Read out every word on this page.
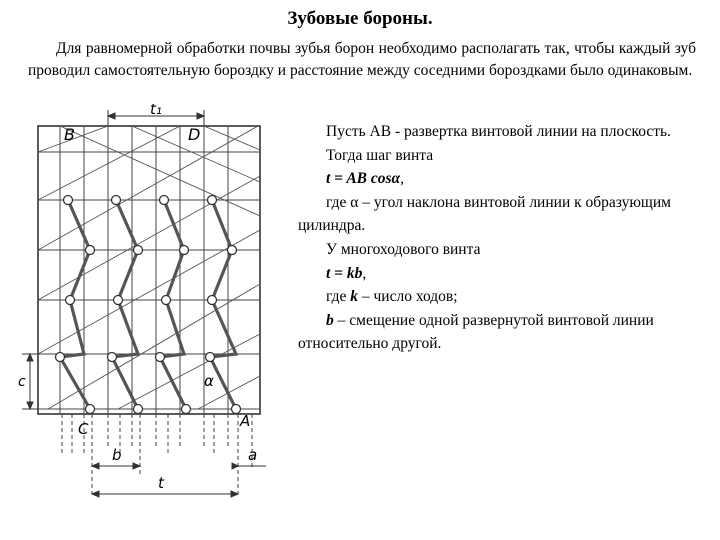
Зубовые бороны.
Для равномерной обработки почвы зубья борон необходимо располагать так, чтобы каждый зуб проводил самостоятельную бороздку и расстояние между соседними бороздками было одинаковым.
B	D
t₁
c
C	A
b	a
t
α

Пусть AB - развертка винтовой линии на плоскость.

Тогда шаг винта

t = AB cosα,

где α – угол наклона винтовой линии к образующим цилиндра.

У многоходового винта

t = kb,

где k – число ходов;

b – смещение одной развернутой винтовой линии относительно другой.
